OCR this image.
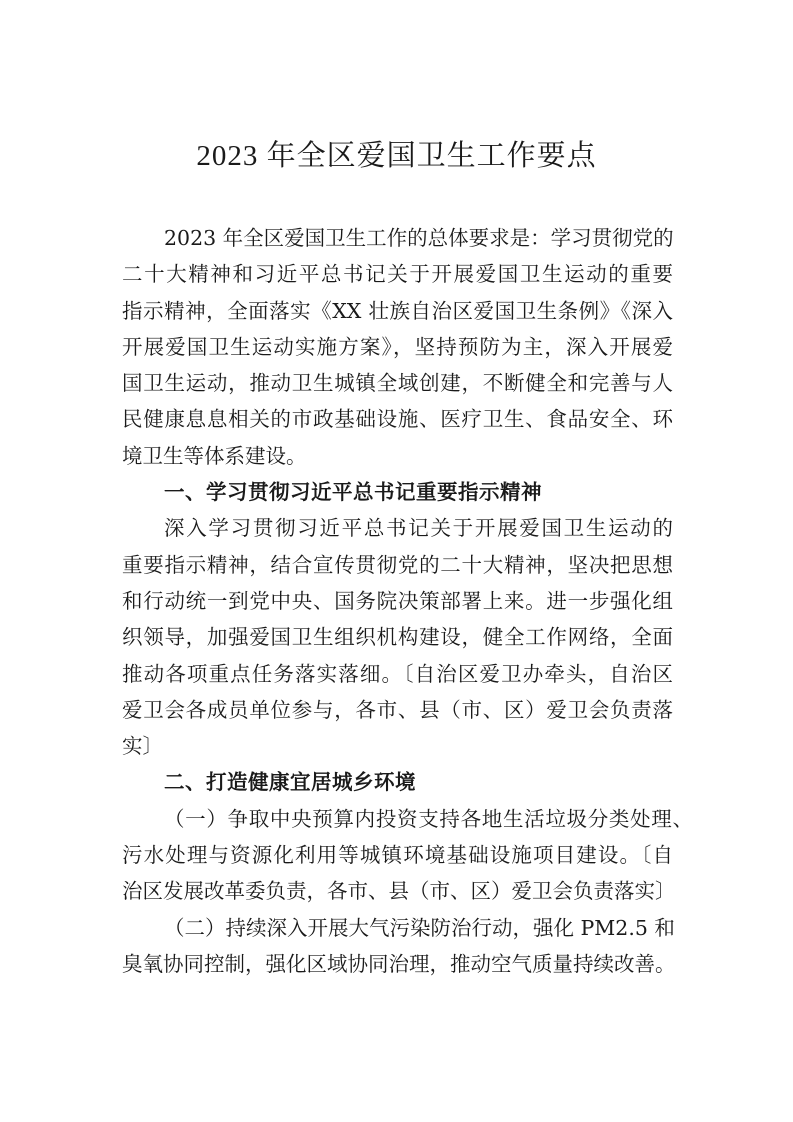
2023 年全区爱国卫生工作要点
2023 年全区爱国卫生工作的总体要求是：学习贯彻党的
二十大精神和习近平总书记关于开展爱国卫生运动的重要
指示精神，全面落实《XX 壮族自治区爱国卫生条例》《深入
开展爱国卫生运动实施方案》，坚持预防为主，深入开展爱
国卫生运动，推动卫生城镇全域创建，不断健全和完善与人
民健康息息相关的市政基础设施、医疗卫生、食品安全、环
境卫生等体系建设。
一、学习贯彻习近平总书记重要指示精神
深入学习贯彻习近平总书记关于开展爱国卫生运动的
重要指示精神，结合宣传贯彻党的二十大精神，坚决把思想
和行动统一到党中央、国务院决策部署上来。进一步强化组
织领导，加强爱国卫生组织机构建设，健全工作网络，全面
推动各项重点任务落实落细。〔自治区爱卫办牵头，自治区
爱卫会各成员单位参与，各市、县（市、区）爱卫会负责落
实〕
二、打造健康宜居城乡环境
（一）争取中央预算内投资支持各地生活垃圾分类处理、
污水处理与资源化利用等城镇环境基础设施项目建设。〔自
治区发展改革委负责，各市、县（市、区）爱卫会负责落实〕
（二）持续深入开展大气污染防治行动，强化 PM2.5 和
臭氧协同控制，强化区域协同治理，推动空气质量持续改善。
